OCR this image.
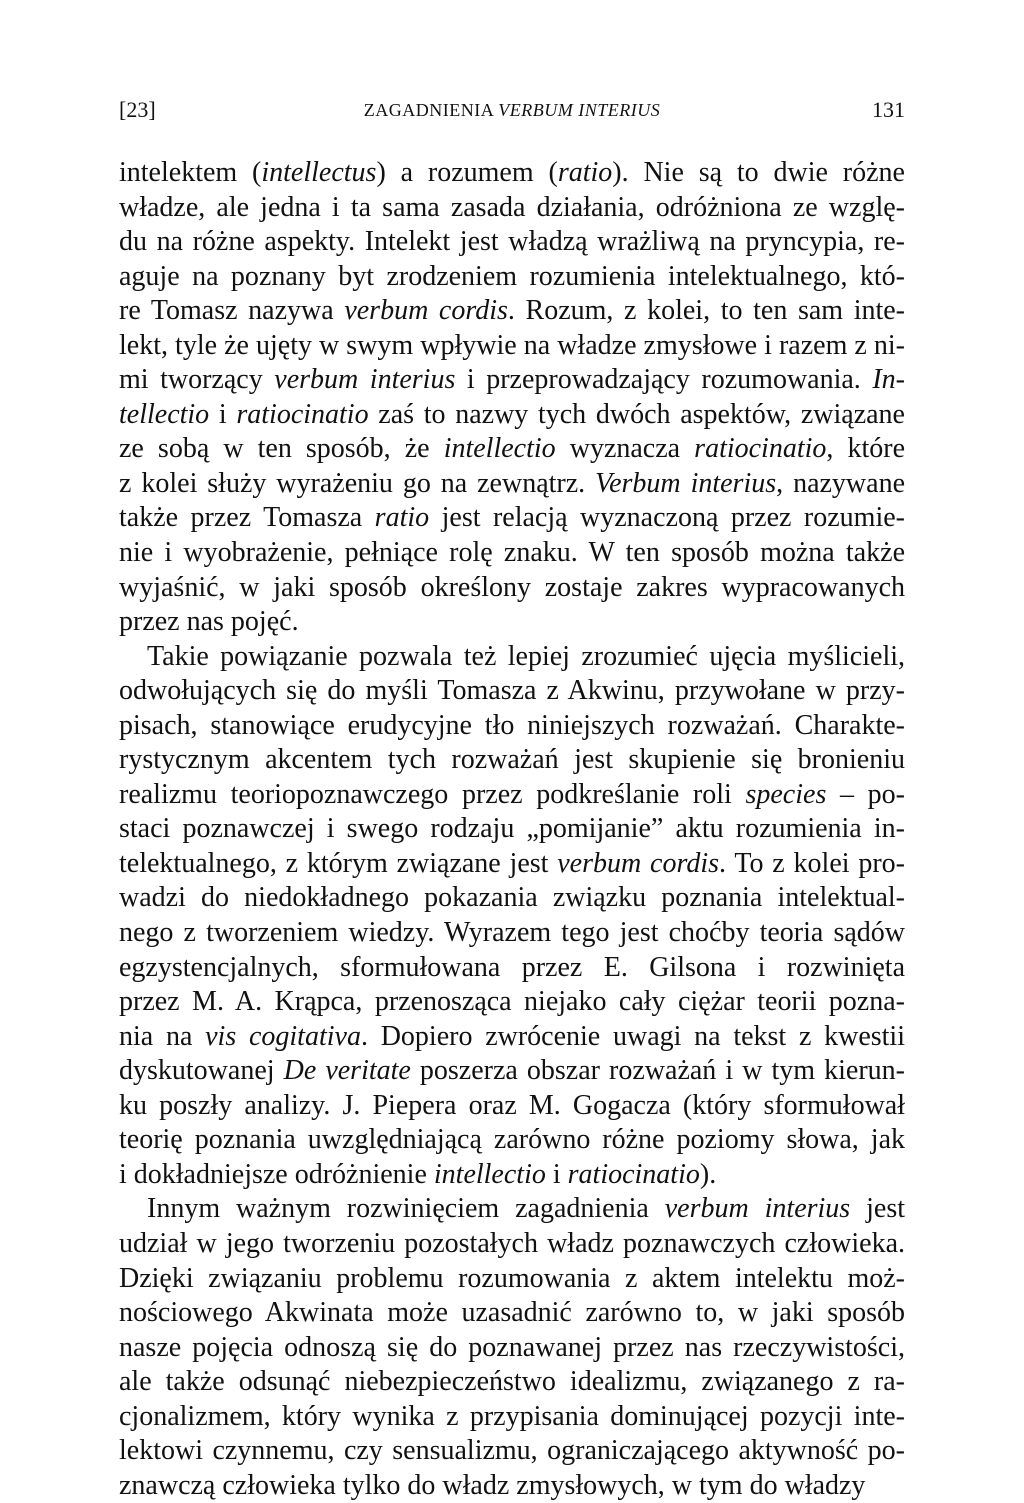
[23]	ZAGADNIENIA VERBUM INTERIUS	131

intelektem (intellectus) a rozumem (ratio). Nie są to dwie różne

władze, ale jedna i ta sama zasada działania, odróżniona ze wzglę-

du na różne aspekty. Intelekt jest władzą wrażliwą na pryncypia, re-

aguje na poznany byt zrodzeniem rozumienia intelektualnego, któ-

re Tomasz nazywa verbum cordis. Rozum, z kolei, to ten sam inte-

lekt, tyle że ujęty w swym wpływie na władze zmysłowe i razem z ni-

mi tworzący verbum interius i przeprowadzający rozumowania. In-

tellectio i ratiocinatio zaś to nazwy tych dwóch aspektów, związane

ze sobą w ten sposób, że intellectio wyznacza ratiocinatio, które

z kolei służy wyrażeniu go na zewnątrz. Verbum interius, nazywane

także przez Tomasza ratio jest relacją wyznaczoną przez rozumie-

nie i wyobrażenie, pełniące rolę znaku. W ten sposób można także

wyjaśnić, w jaki sposób określony zostaje zakres wypracowanych

przez nas pojęć.

Takie powiązanie pozwala też lepiej zrozumieć ujęcia myślicieli,

odwołujących się do myśli Tomasza z Akwinu, przywołane w przy-

pisach, stanowiące erudycyjne tło niniejszych rozważań. Charakte-

rystycznym akcentem tych rozważań jest skupienie się bronieniu

realizmu teoriopoznawczego przez podkreślanie roli species – po-

staci poznawczej i swego rodzaju „pomijanie” aktu rozumienia in-

telektualnego, z którym związane jest verbum cordis. To z kolei pro-

wadzi do niedokładnego pokazania związku poznania intelektual-

nego z tworzeniem wiedzy. Wyrazem tego jest choćby teoria sądów

egzystencjalnych, sformułowana przez E. Gilsona i rozwinięta

przez M. A. Krąpca, przenosząca niejako cały ciężar teorii pozna-

nia na vis cogitativa. Dopiero zwrócenie uwagi na tekst z kwestii

dyskutowanej De veritate poszerza obszar rozważań i w tym kierun-

ku poszły analizy. J. Piepera oraz M. Gogacza (który sformułował

teorię poznania uwzględniającą zarówno różne poziomy słowa, jak

i dokładniejsze odróżnienie intellectio i ratiocinatio).

Innym ważnym rozwinięciem zagadnienia verbum interius jest

udział w jego tworzeniu pozostałych władz poznawczych człowieka.

Dzięki związaniu problemu rozumowania z aktem intelektu moż-

nościowego Akwinata może uzasadnić zarówno to, w jaki sposób

nasze pojęcia odnoszą się do poznawanej przez nas rzeczywistości,

ale także odsunąć niebezpieczeństwo idealizmu, związanego z ra-

cjonalizmem, który wynika z przypisania dominującej pozycji inte-

lektowi czynnemu, czy sensualizmu, ograniczającego aktywność po-

znawczą człowieka tylko do władz zmysłowych, w tym do władzy
